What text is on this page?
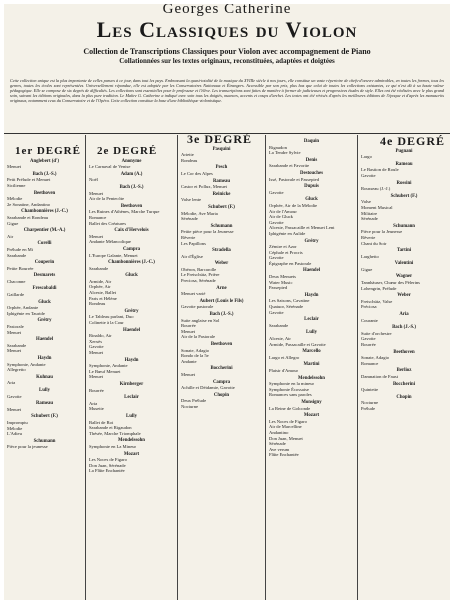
Georges Catherine
Les Classiques du Violon
Collection de Transcriptions Classiques pour Violon avec accompagnement de Piano
Collationnées sur les textes originaux, reconstituées, adaptées et doigtées
Cette collection unique est la plus importante de celles parues à ce jour, dans tout les pays. Embrassant la quasi-totalité de la musique du XVIIIe siècle à nos jours, elle constitue un vaste répertoire de chefs-d'oeuvre admirables, en toutes les formes, tous les genres, toutes les écoles sont représentées. Universellement répandue, elle est adoptée par les Conservatoires Nationaux et Étrangers. Accessible par son prix, plus bas que celui de toutes les collections existantes, ce qui n'est dû à sa haute valeur pédagogique. Elle se compose de six degrés de difficultés. Les collections sont essentielles pour le professeur et l'élève. Les transcriptions sont faites de manière à former de judicieuses et progressives études de style. Elles ont été réalisées avec le plus grand soin, suivant les éditions originales, dans la plus pure tradition. Le Maître G. Catherine a indiqué avec soin tous les doigtés, nuances, accents et coups d'archet. Les textes ont été révisés d'après les meilleures éditions de l'époque et d'après les manuscrits originaux, notamment ceux du Conservatoire et de l'Opéra. Cette collection constitue la base d'une bibliothèque violonistique.
1er DEGRÉ
Anglebert (d')
Menuet
Bach (J.-S.)
Petit Prélude et Menuet
Sicilienne
Beethoven
Mélodie
2e Sonatine, Andantino
Chambonnières (J.-C.)
Sarabande et Rondeau
Gigue
Charpentier (M.-A.)
Air
Corelli
Prélude en Mi
Sarabande
Couperin
Petite Bourrée
Desmarets
Chaconne
Frescobaldi
Gaillarde
Gluck
Orphée, Andante
Iphigénie en Tauride
Grétry
Pastorale
Menuet
Haendel
Sarabande
Menuet
Haydn
Symphonie, Andante
Allegretto
Kuhnau
Aria
Lully
Gavotte
Rameau
Menuet
Schubert (F.)
Impromptu
Mélodie
L'Adieu
Schumann
Pièce pour la jeunesse
2e DEGRÉ
Anonyme
Le Carnaval de Venise
Adam (A.)
Noël
Bach (J.-S.)
Menuet
Air de la Pentecôte
Beethoven
Les Ruines d'Athènes, Marche Turque
Romance
Ballet des Créatures
Caix d'Hervelois
Menuet
Andante Mélancolique
Campra
L'Europe Galante, Menuet
Chambonnières (J.-C.)
Sarabande
Gluck
Armide, Air
Orphée, Air
Alceste, Ballet
Paris et Hélène
Rondeau
Grétry
Le Tableau parlant, Duo
Colinette à la Cour
Haendel
Rinaldo, Air
Xerxès
Gavotte
Menuet
Haydn
Symphonie, Andante
Le Bœuf Menuet
Menuet
Kirnberger
Bourrée
Leclair
Aria
Musette
Lully
Ballet de Roi
Sarabande et Rigaudon
Thésée, Marche Triomphale
Mendelssohn
Symphonie en La Mineur
Mozart
Les Noces de Figaro
Don Juan, Sérénade
La Flûte Enchantée
3e DEGRÉ
Pasquini
Ariette
Rondeau
Pesch
Le Cor des Alpes
Rameau
Castor et Pollux, Menuet
Reinicke
Valse lente
Schubert (F.)
Mélodie, Ave Maria
Sérénade
Schumann
Petite pièce pour la Jeunesse
Rêverie
Les Papillons
Stradella
Air d'Église
Weber
Obéron, Barcarolle
Le Freischütz, Prière
Preciosa, Sérénade
Arne
Menuet varié
Aubert (Louis le Fils)
Gavotte pastorale
Bach (J.-S.)
Suite anglaise en Sol
Bourrée
Menuet
Air de la Pastorale
Beethoven
Sonate, Adagio
Rondo de la 5e
Andante
Boccherini
Menuet
Campra
Achille et Déidamie, Gavotte
Chopin
Deux Prélude
Nocturne
Daquin
Rigaudon
La Tendre Sylvie
Denis
Sarabande et Favorite
Destouches
Issé, Pastorale et Passepied
Dupuis
Gavotte
Gluck
Orphée, Air de la Mélodie
Air de l'Amour
Air de Gluck
Gavotte
Alceste, Passacaille et Menuet Lent
Iphigénie en Aulide
Grétry
Zémire et Azor
Céphale et Procris
Gavotte
Épigraphe en Pastorale
Haendel
Deux Menuets
Water Music
Passepied
Haydn
Les Saisons, Cavatine
Quatuor, Sérénade
Gavotte
Leclair
Sarabande
Lully
Alceste, Air
Armide, Passacaille et Gavotte
Marcello
Largo et Allegro
Martini
Plaisir d'Amour
Mendelssohn
Symphonie en la mineur
Symphonie Écossaise
Romances sans paroles
Monsigny
La Reine de Golconde
Mozart
Les Noces de Figaro
Air de Marcelline
Andantino
Don Juan, Menuet
Sérénade
Ave verum
Flûte Enchantée
4e DEGRÉ
Pugnani
Largo
Rameau
Le Bastion de Roule
Gavotte
Rossini
Rousseau (J.-J.)
Schubert (F.)
Valse
Moment Musical
Militaire
Sérénade
Schumann
Pièce pour la Jeunesse
Rêverie
Chant du Soir
Tartini
Larghetto
Valentini
Gigue
Wagner
Tannhäuser, Chœur des Pèlerins
Lohengrin, Prélude
Weber
Freischütz, Valse
Préciosa
Aria
Courante
Bach (J.-S.)
Suite d'orchestre
Gavotte
Bourrée
Beethoven
Sonate, Adagio
Romance
Berlioz
Damnation de Faust
Boccherini
Quintette
Chopin
Nocturne
Prélude
